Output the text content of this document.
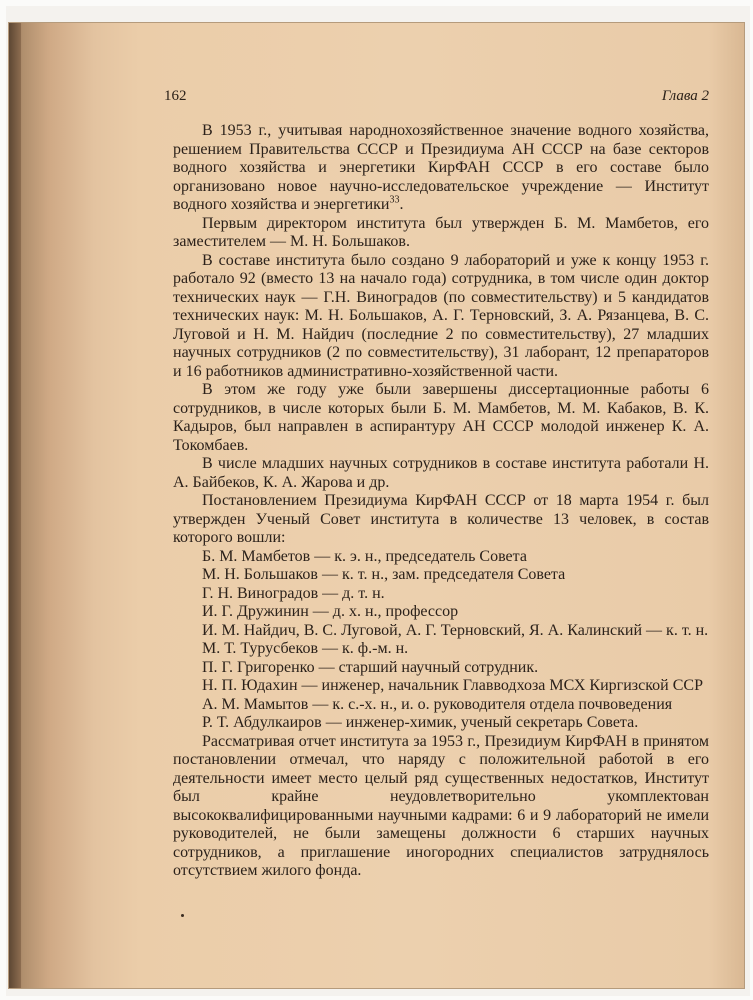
162	Глава 2

В 1953 г., учитывая народнохозяйственное значение водного хозяйства, решением Правительства СССР и Президиума АН СССР на базе секторов водного хозяйства и энергетики КирФАН СССР в его составе было организовано новое научно-исследовательское учреждение — Институт водного хозяйства и энергетики$^{33}$.

Первым директором института был утвержден Б. М. Мамбетов, его заместителем — М. Н. Большаков.

В составе института было создано 9 лабораторий и уже к концу 1953 г. работало 92 (вместо 13 на начало года) сотрудника, в том числе один доктор технических наук — Г.Н. Виноградов (по совместительству) и 5 кандидатов технических наук: М. Н. Большаков, А. Г. Терновский, З. А. Рязанцева, В. С. Луговой и Н. М. Найдич (последние 2 по совместительству), 27 младших научных сотрудников (2 по совместительству), 31 лаборант, 12 препараторов и 16 работников административно-хозяйственной части.

В этом же году уже были завершены диссертационные работы 6 сотрудников, в числе которых были Б. М. Мамбетов, М. М. Кабаков, В. К. Кадыров, был направлен в аспирантуру АН СССР молодой инженер К. А. Токомбаев.

В числе младших научных сотрудников в составе института работали Н. А. Байбеков, К. А. Жарова и др.

Постановлением Президиума КирФАН СССР от 18 марта 1954 г. был утвержден Ученый Совет института в количестве 13 человек, в состав которого вошли:

Б. М. Мамбетов — к. э. н., председатель Совета
М. Н. Большаков — к. т. н., зам. председателя Совета
Г. Н. Виноградов — д. т. н.
И. Г. Дружинин — д. х. н., профессор
И. М. Найдич, В. С. Луговой, А. Г. Терновский, Я. А. Калинский — к. т. н.
М. Т. Турусбеков — к. ф.-м. н.
П. Г. Григоренко — старший научный сотрудник.
Н. П. Юдахин — инженер, начальник Главводхоза МСХ Киргизской ССР
А. М. Мамытов — к. с.-х. н., и. о. руководителя отдела почвоведения
Р. Т. Абдулкаиров — инженер-химик, ученый секретарь Совета.

Рассматривая отчет института за 1953 г., Президиум КирФАН в принятом постановлении отмечал, что наряду с положительной работой в его деятельности имеет место целый ряд существенных недостатков, Институт был крайне неудовлетворительно укомплектован высококвалифицированными научными кадрами: 6 и 9 лабораторий не имели руководителей, не были замещены должности 6 старших научных сотрудников, а приглашение иногородних специалистов затруднялось отсутствием жилого фонда.
